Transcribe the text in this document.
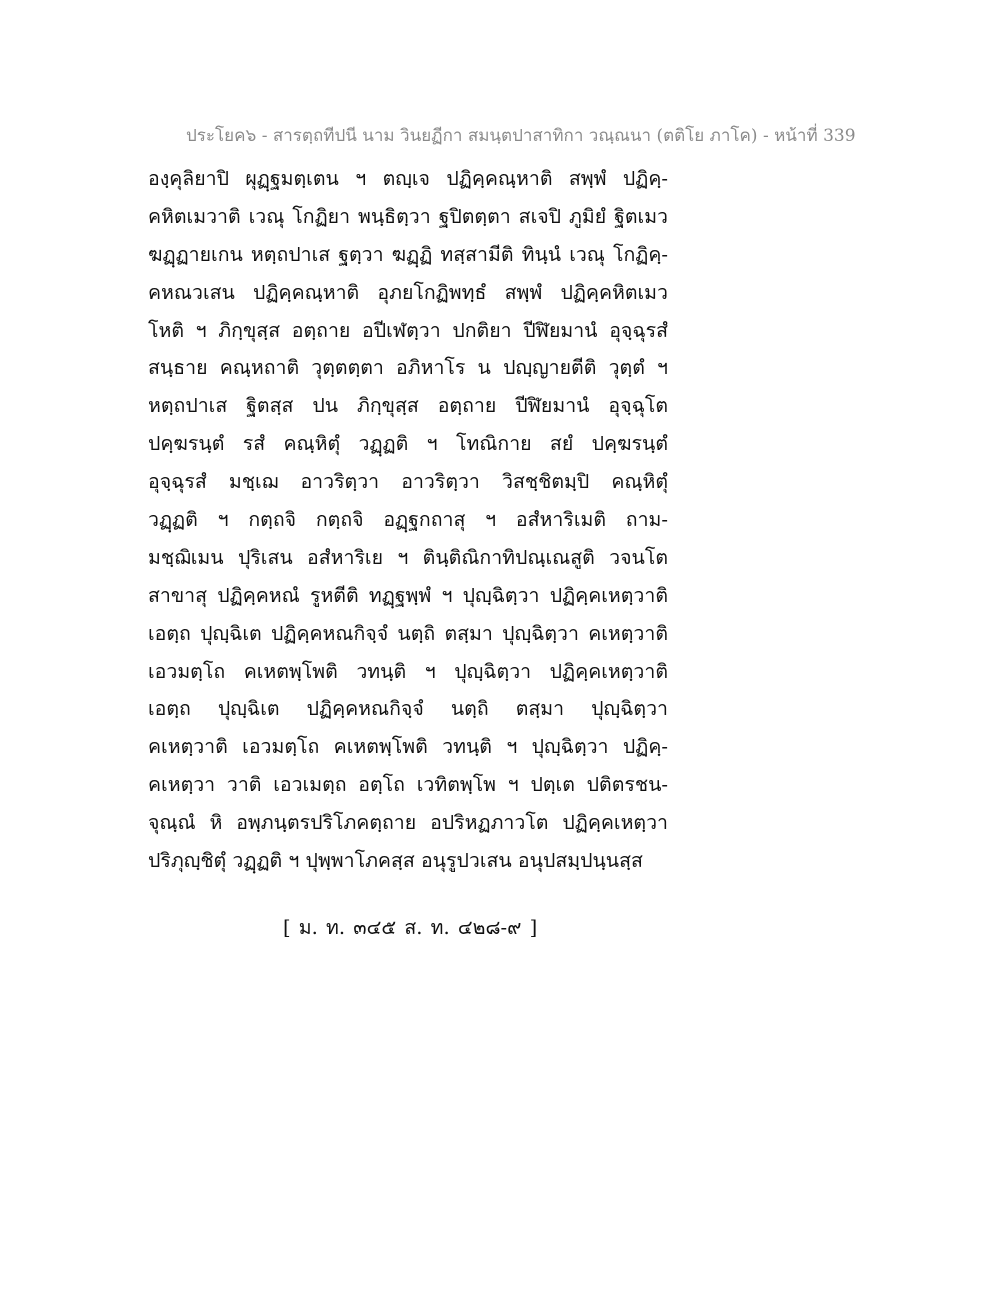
ประโยค๖ - สารตฺถทีปนี นาม วินยฏีกา สมนฺตปาสาทิกา วณฺณนา (ตติโย ภาโค) - หน้าที่ 339
องฺคุลิยาปิ ผุฏฺฐมตฺเตน ฯ ตญฺเจ ปฏิคฺคณฺหาติ สพฺพํ ปฏิคฺ-
คหิตเมวาติ เวณุ โกฏิยา พนฺธิตฺวา ฐปิตตฺตา สเจปิ ภูมิยํ ฐิตเมว
ฆฏฺฏายเกน หตฺถปาเส ฐตฺวา ฆฏฺฏิ ทสฺสามีติ ทินฺนํ เวณุ โกฏิคฺ-
คหณวเสน ปฏิคฺคณฺหาติ อุภยโกฏิพทฺธํ สพฺพํ ปฏิคฺคหิตเมว
โหติ ฯ ภิกฺขุสฺส อตฺถาย อปีเฬตฺวา ปกติยา ปีฬิยมานํ อุจฺฉุรสํ
สนฺธาย คณฺหถาติ วุตฺตตฺตา อภิหาโร น ปญฺญายตีติ วุตฺตํ ฯ
หตฺถปาเส ฐิตสฺส ปน ภิกฺขุสฺส อตฺถาย ปีฬิยมานํ อุจฺฉุโต
ปคฺฆรนฺตํ รสํ คณฺหิตุํ วฏฺฏติ ฯ โทณิกาย สยํ ปคฺฆรนฺตํ
อุจฺฉุรสํ มชฺเฌ อาวริตฺวา อาวริตฺวา วิสชฺชิตมฺปิ คณฺหิตุํ
วฏฺฏติ ฯ กตฺถจิ กตฺถจิ อฏฺฐกถาสุ ฯ อสํหาริเมติ ถาม-
มชฺฌิเมน ปุริเสน อสํหาริเย ฯ ตินฺติณิกาทิปณฺเณสูติ วจนโต
สาขาสุ ปฏิคฺคหณํ รูหตีติ ทฏฺฐพฺพํ ฯ ปุญฺฉิตฺวา ปฏิคฺคเหตฺวาติ
เอตฺถ ปุญฺฉิเต ปฏิคฺคหณกิจฺจํ นตฺถิ ตสฺมา ปุญฺฉิตฺวา คเหตฺวาติ
เอวมตฺโถ คเหตพฺโพติ วทนฺติ ฯ ปุญฺฉิตฺวา ปฏิคฺคเหตฺวาติ
เอตฺถ ปุญฺฉิเต ปฏิคฺคหณกิจฺจํ นตฺถิ ตสฺมา ปุญฺฉิตฺวา
คเหตฺวาติ เอวมตฺโถ คเหตพฺโพติ วทนฺติ ฯ ปุญฺฉิตฺวา ปฏิคฺ-
คเหตฺวา วาติ เอวเมตฺถ อตฺโถ เวทิตพฺโพ ฯ ปตฺเต ปติตรชน-
จุณฺณํ หิ อพฺภนฺตรปริโภคตฺถาย อปริหฏภาวโต ปฏิคฺคเหตฺวา
ปริภุญฺชิตุํ วฏฺฏติ ฯ ปุพฺพาโภคสฺส อนุรูปวเสน อนุปสมฺปนฺนสฺส
[ ม. ท. ๓๔๕ ส. ท. ๔๒๘-๙ ]
